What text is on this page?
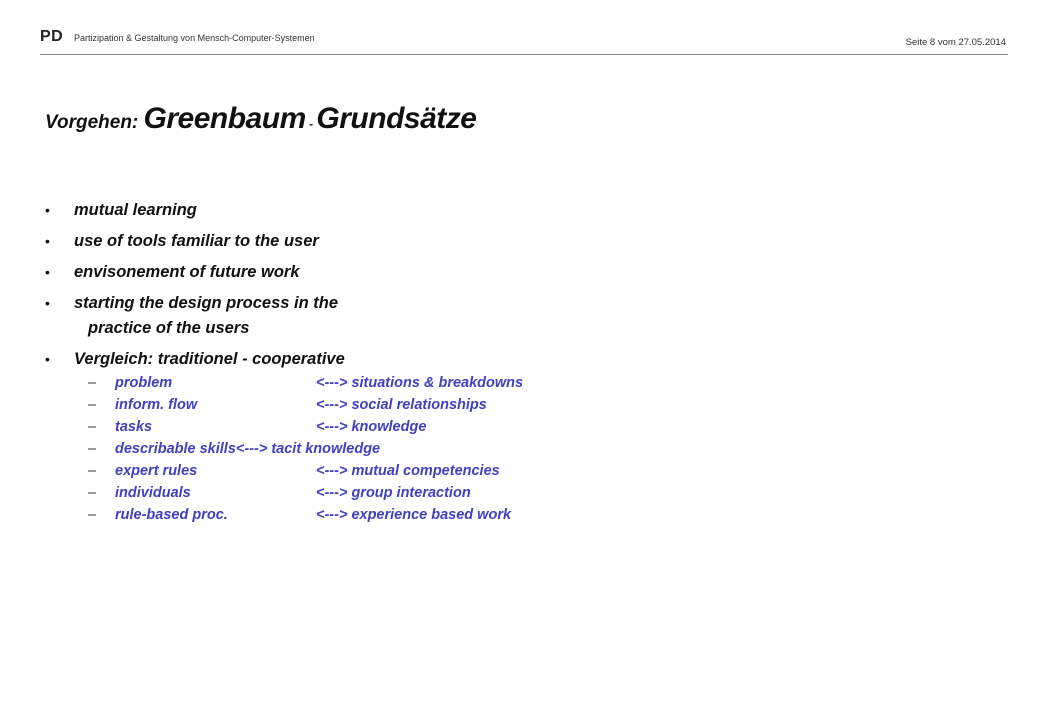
PD Partizipation & Gestaltung von Mensch-Computer-Systemen	Seite 8 vom 27.05.2014
Vorgehen: Greenbaum - Grundsätze
• mutual learning
• use of tools familiar to the user
• envisonement of future work
• starting the design process in the
practice of the users
• Vergleich: traditionel - cooperative
– problem	<---> situations & breakdowns
– inform. flow	<---> social relationships
– tasks	<---> knowledge
– describable skills<---> tacit knowledge
– expert rules	<---> mutual competencies
– individuals	<---> group interaction
– rule-based proc.	<---> experience based work
